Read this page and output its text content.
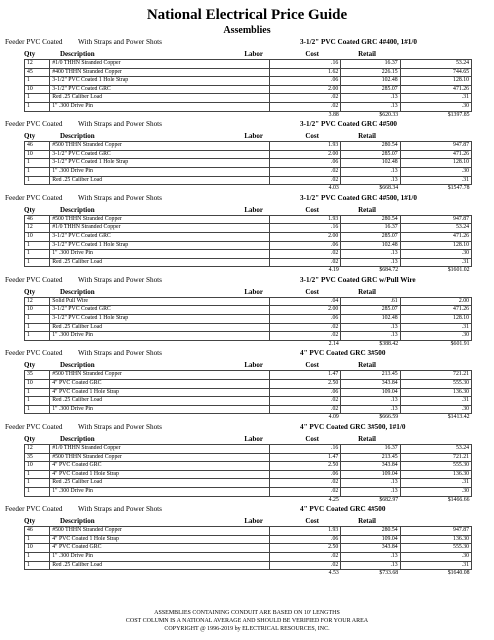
National Electrical Price Guide
Assemblies
Feeder PVC Coated	With Straps and Power Shots	3-1/2" PVC Coated GRC 4#400, 1#1/0
Qty	Description	Labor	Cost	Retail
12	#1/0 THHN Stranded Copper	.16	16.37	53.24
45	#400 THHN Stranded Copper	1.62	226.15	744.65
1	3-1/2" PVC Coated 1 Hole Strap	.06	102.48	128.10
10	3-1/2" PVC Coated GRC	2.00	285.07	471.26
1	Red .25 Caliber Load	.02	.13	.31
1	1" .300 Drive Pin	.02	.13	.30
		3.88	$620.33	$1397.85
Feeder PVC Coated	With Straps and Power Shots	3-1/2" PVC Coated GRC 4#500
Qty	Description	Labor	Cost	Retail
46	#500 THHN Stranded Copper	1.93	280.54	947.87
10	3-1/2" PVC Coated GRC	2.00	285.07	471.26
1	3-1/2" PVC Coated 1 Hole Strap	.06	102.48	128.10
1	1" .300 Drive Pin	.02	.13	.30
1	Red .25 Caliber Load	.02	.13	.31
		4.03	$668.34	$1547.78
Feeder PVC Coated	With Straps and Power Shots	3-1/2" PVC Coated GRC 4#500, 1#1/0
Qty	Description	Labor	Cost	Retail
46	#500 THHN Stranded Copper	1.93	280.54	947.87
12	#1/0 THHN Stranded Copper	.16	16.37	53.24
10	3-1/2" PVC Coated GRC	2.00	285.07	471.26
1	3-1/2" PVC Coated 1 Hole Strap	.06	102.48	128.10
1	1" .300 Drive Pin	.02	.13	.30
1	Red .25 Caliber Load	.02	.13	.31
		4.19	$684.72	$1601.02
Feeder PVC Coated	With Straps and Power Shots	3-1/2" PVC Coated GRC w/Pull Wire
Qty	Description	Labor	Cost	Retail
12	Solid Pull Wire	.04	.61	2.00
10	3-1/2" PVC Coated GRC	2.00	285.07	471.26
1	3-1/2" PVC Coated 1 Hole Strap	.06	102.48	128.10
1	Red .25 Caliber Load	.02	.13	.31
1	1" .300 Drive Pin	.02	.13	.30
		2.14	$388.42	$601.91
Feeder PVC Coated	With Straps and Power Shots	4" PVC Coated GRC 3#500
Qty	Description	Labor	Cost	Retail
35	#500 THHN Stranded Copper	1.47	213.45	721.21
10	4" PVC Coated GRC	2.50	343.84	555.30
1	4" PVC Coated 1 Hole Strap	.06	109.04	136.30
1	Red .25 Caliber Load	.02	.13	.31
1	1" .300 Drive Pin	.02	.13	.30
		4.09	$666.59	$1413.42
Feeder PVC Coated	With Straps and Power Shots	4" PVC Coated GRC 3#500, 1#1/0
Qty	Description	Labor	Cost	Retail
12	#1/0 THHN Stranded Copper	.16	16.37	53.24
35	#500 THHN Stranded Copper	1.47	213.45	721.21
10	4" PVC Coated GRC	2.50	343.84	555.30
1	4" PVC Coated 1 Hole Strap	.06	109.04	136.30
1	Red .25 Caliber Load	.02	.13	.31
1	1" .300 Drive Pin	.02	.13	.30
		4.25	$682.97	$1466.66
Feeder PVC Coated	With Straps and Power Shots	4" PVC Coated GRC 4#500
Qty	Description	Labor	Cost	Retail
46	#500 THHN Stranded Copper	1.93	280.54	947.87
1	4" PVC Coated 1 Hole Strap	.06	109.04	136.30
10	4" PVC Coated GRC	2.50	343.84	555.30
1	1" .300 Drive Pin	.02	.13	.30
1	Red .25 Caliber Load	.02	.13	.31
		4.53	$733.68	$1640.08
ASSEMBLIES CONTAINING CONDUIT ARE BASED ON 10' LENGTHS
COST COLUMN IS A NATIONAL AVERAGE AND SHOULD BE VERIFIED FOR YOUR AREA
COPYRIGHT @ 1996-2019 by ELECTRICAL RESOURCES, INC.
